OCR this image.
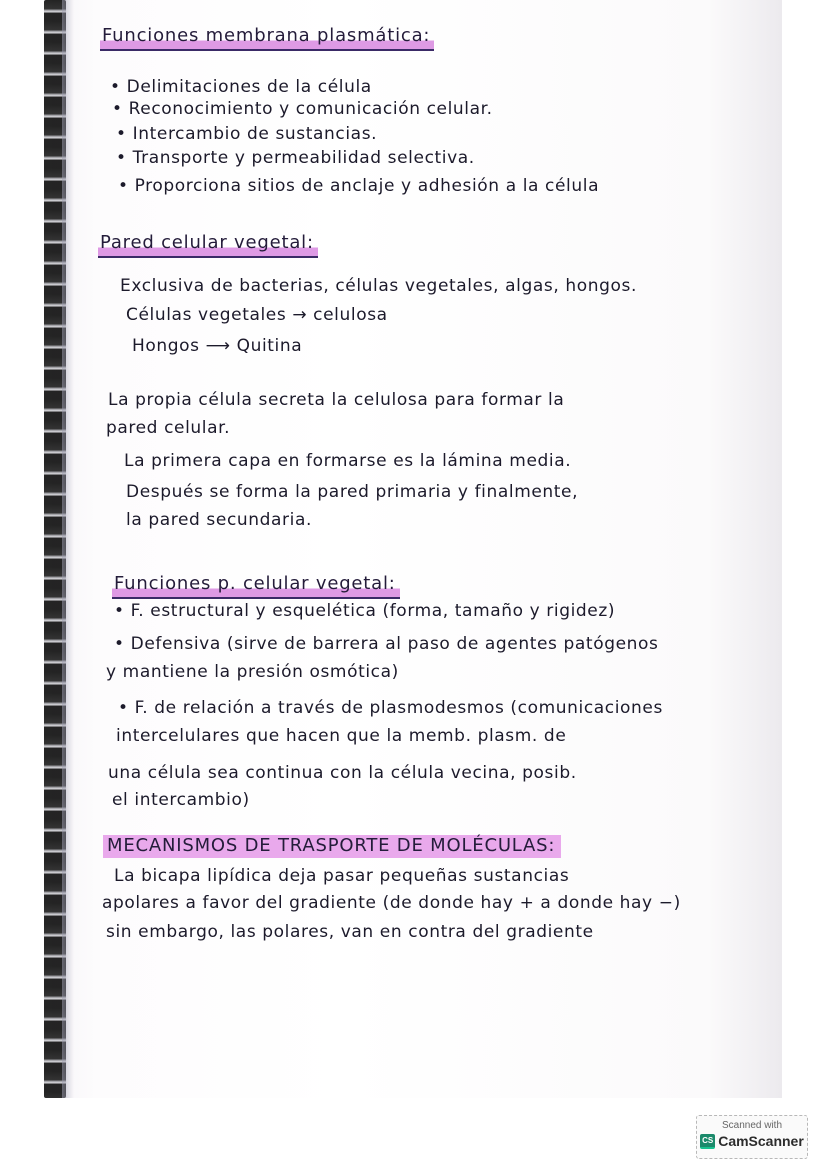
Funciones membrana plasmática:
• Delimitaciones de la célula
• Reconocimiento y comunicación celular.
• Intercambio de sustancias.
• Transporte y permeabilidad selectiva.
• Proporciona sitios de anclaje y adhesión a la célula
Pared celular vegetal:
Exclusiva de bacterias, células vegetales, algas, hongos.
Células vegetales → celulosa
Hongos ⟶ Quitina
La propia célula secreta la celulosa para formar la
pared celular.
La primera capa en formarse es la lámina media.
Después se forma la pared primaria y finalmente,
la pared secundaria.
Funciones p. celular vegetal:
• F. estructural y esquelética (forma, tamaño y rigidez)
• Defensiva (sirve de barrera al paso de agentes patógenos
y mantiene la presión osmótica)
• F. de relación a través de plasmodesmos (comunicaciones
intercelulares que hacen que la memb. plasm. de
una célula sea continua con la célula vecina, posib.
el intercambio)
MECANISMOS DE TRASPORTE DE MOLÉCULAS:
La bicapa lipídica deja pasar pequeñas sustancias
apolares a favor del gradiente (de donde hay + a donde hay −)
sin embargo, las polares, van en contra del gradiente
Scanned with
CS CamScanner
